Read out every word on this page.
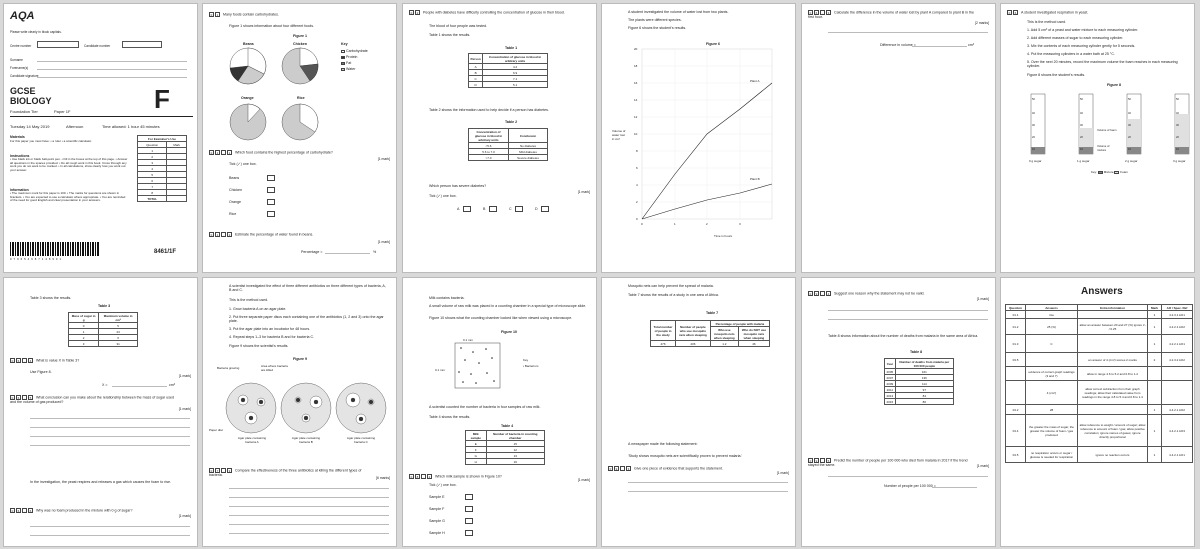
AQA
Please write clearly in block capitals.
Centre number	Candidate number
Surname
Forename(s)
Candidate signature
GCSE
BIOLOGY	F
Foundation Tier	Paper 1F
Tuesday 14 May 2019	Afternoon	Time allowed: 1 hour 45 minutes
Materials
For this paper you must have: • a ruler • a scientific calculator.
Instructions
• Use black ink or black ball-point pen. • Fill in the boxes at the top of this page. • Answer all questions in the spaces provided. • Do all rough work in this book. Cross through any work you do not want to be marked. • In all calculations, show clearly how you work out your answer.
Information
• The maximum mark for this paper is 100. • The marks for questions are shown in brackets. • You are expected to use a calculator where appropriate. • You are reminded of the need for good English and clear presentation in your answers.
For Examiner's Use	
Question	Mark
1	
2	
3	
4	
5	
6	
7	
8	
TOTAL	
0 7 9 6 5 4 6 8 7 1 4 8 9 0 1
8461/1F
0	1	Many foods contain carbohydrates.
Figure 1 shows information about four different foods.
Figure 1
Beans	Chicken
Orange	Rice
Key
Carbohydrate
Protein
Fat
Water
0	1	.	1	Which food contains the highest percentage of carbohydrate?
[1 mark]
Tick (✓) one box.
Beans
Chicken
Orange
Rice
0	1	.	2	Estimate the percentage of water found in beans.
[1 mark]
Percentage =	%
0	2	People with diabetes have difficulty controlling the concentration of glucose in their blood.
The blood of four people was tested.
Table 1 shows the results.
Table 1
Person	Concentration of glucose in blood in arbitrary units
A	4.2
B	6.9
C	7.1
D	5.1
Table 2 shows the information used to help decide if a person has diabetes.
Table 2
Concentration of glucose in blood in arbitrary units	Conclusion
<5.6	No diabetes
5.6 to 7.0	Mild diabetes
>7.0	Severe diabetes
Which person has severe diabetes?
[1 mark]
Tick (✓) one box.
A	B	C	D
A student investigated the volume of water lost from two plants.
The plants were different species.
Figure 6 shows the student's results.
Figure 6
Volume of water lost in cm³
Time in hours
0
2
4
6
8
10
12
14
16
18
20
0	1	2	3
Plant A
Plant B
0	6	.	3	Calculate the difference in the volume of water lost by plant A compared to plant B in the first hour.
[2 marks]
Difference in volume =	cm³
0	6	A student investigated respiration in yeast.
This is the method used.
1. Add 5 cm³ of a yeast and water mixture to each measuring cylinder.
2. Add different masses of sugar to each measuring cylinder.
3. Mix the contents of each measuring cylinder gently for 5 seconds.
4. Put the measuring cylinders in a water bath at 25 °C.
5. Over the next 20 minutes, record the maximum volume the foam reaches in each measuring cylinder.
Figure 8 shows the student's results.
Figure 8
50
40
30
20
10
50
40
30
20
10
50
40
30
20
10
50
40
30
20
10
Volume of foam
Volume of mixture
0 g sugar	1 g sugar	2 g sugar	3 g sugar
Key: Mixture Foam
Table 3 shows the results.
Table 3
Mass of sugar in g	Maximum volume in cm³
0	5
1	23
2	X
3	31
0	6	.	4	What is value X in Table 3?
Use Figure 8.
[1 mark]
X =	cm³
0	6	.	5	What conclusion can you make about the relationship between the mass of sugar used and the volume of gas produced?
[1 mark]
In the investigation, the yeast respires and releases a gas which causes the foam to rise.
0	6	.	6	Why was no foam produced in the mixture with 0 g of sugar?
[1 mark]
A scientist investigated the effect of three different antibiotics on three different types of bacteria, A, B and C.
This is the method used.
1. Grow bacteria A on an agar plate.
2. Put three separate paper discs each containing one of the antibiotics (1, 2 and 3) onto the agar plate.
3. Put the agar plate into an incubator for 48 hours.
4. Repeat steps 1–3 for bacteria B and for bacteria C.
Figure 9 shows the scientist's results.
Figure 9
Bacteria growing	Area where bacteria are killed
Paper disc
Agar plate containing bacteria A
Agar plate containing bacteria B
Agar plate containing bacteria C
0	7	.	3	Compare the effectiveness of the three antibiotics at killing the different types of bacteria.
[6 marks]
Milk contains bacteria.
A small volume of raw milk was placed in a counting chamber in a special type of microscope slide.
Figure 10 shows what the counting chamber looked like when viewed using a microscope.
Figure 10
0.1 mm
0.1 mm
Key
• Bacterium
A scientist counted the number of bacteria in four samples of raw milk.
Table 4 shows the results.
Table 4
Milk sample	Number of bacteria in counting chamber
E	15
F	12
G	13
H	16
0	8	.	2	Which milk sample is shown in Figure 10?
[1 mark]
Tick (✓) one box.
Sample E
Sample F
Sample G
Sample H
Mosquito nets can help prevent the spread of malaria.
Table 7 shows the results of a study in one area of Africa.
Table 7
Total number of people in the study	Number of people who use mosquito nets when sleeping	Percentage of people with malaria	
		Who use mosquito nets when sleeping	Who do NOT use mosquito nets when sleeping
476	436	1.2	46
A newspaper made the following statement:
'Study shows mosquito nets are scientifically proven to prevent malaria.'
0	9	.	3	Give one piece of evidence that supports the statement.
[1 mark]
0	9	.	4	Suggest one reason why the statement may not be valid.
[1 mark]
Table 8 shows information about the number of deaths from malaria in the same area of Africa.
Table 8
Year	Number of deaths from malaria per 100 000 people
2005	161
2007	136
2009	114
2011	97
2013	84
2015	80
0	9	.	5	Predict the number of people per 100 000 who died from malaria in 2017 if the trend stayed the same.	[1 mark]
Number of people per 100 000 =
Answers
Question	Answers	Extra information	Mark	AO / Spec. Ref
01.1	rice		1	4.2.3.1 AO1
01.2	25 (%)	allow an answer between 20 and 27 (%) ignore ¼ / 0.25	1	4.2.2.1 AO2
01.3	C		1	4.2.2.1 AO1
03.5		an answer of 4 (cm³) scores 2 marks	2	4.2.3.2 AO2
	evidence of correct graph readings (3 and 7)	allow in range 4.6 to 5.2 and 0.8 to 1.2		
	4 (cm³)	allow correct subtraction from their graph readings; allow their calculated value from readings in the range 4.8 to 5.4 and 0.8 to 1.4		
04.2	28		1	4.4.2.1 AO2
04.4	the greater the mass of sugar, the greater the volume of foam / gas produced	allow reference to weight / amount of sugar; allow reference to amount of foam / gas; allow positive correlation; ignore names of gases; ignore directly proportional	1	4.4.2.1 AO3
04.5	no respiration occurs or sugar / glucose is needed for respiration	ignore no reaction occurs	1	4.4.2.1 AO1
